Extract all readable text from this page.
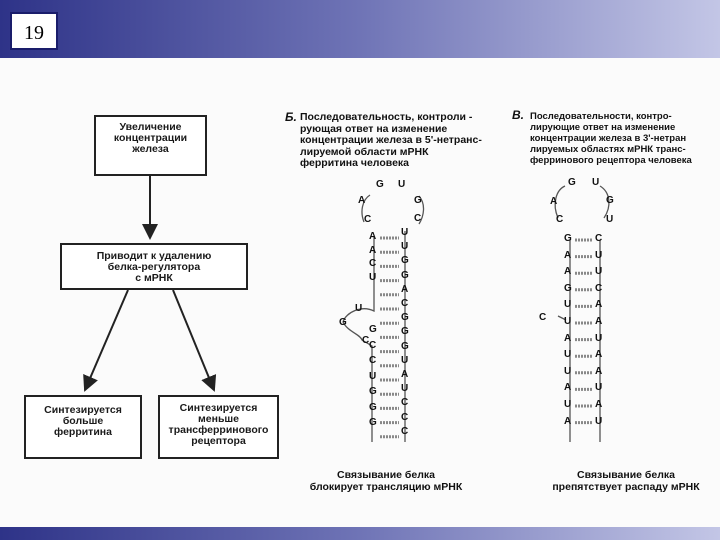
19
Увеличение
концентрации
железа
Приводит к удалению
белка-регулятора
с мРНК
Синтезируется
больше
ферритина
Синтезируется
меньше
трансферринового
рецептора
Б. Последовательность, контроли -
рующая ответ на изменение
концентрации железа в 5'-нетранс-
лируемой области мРНК
ферритина человека
В. Последовательности, контро-
лирующие ответ на изменение
концентрации железа в 3'-нетран
лируемых областях мРНК транс-
ферринового рецептора человека
G U
A
C
G
C
A
A
C
U
G
C
C
U
G
G
G
U
U
G
G
A
C
G
G
G
U
A
U
C
C
C
U
G
C
G U
A
C
G
U
G
A
A
G
U
U
A
U
U
A
U
A
C
U
U
C
A
A
U
A
A
U
A
U
C
Связывание белка
блокирует трансляцию мРНК
Связывание белка
препятствует распаду мРНК
